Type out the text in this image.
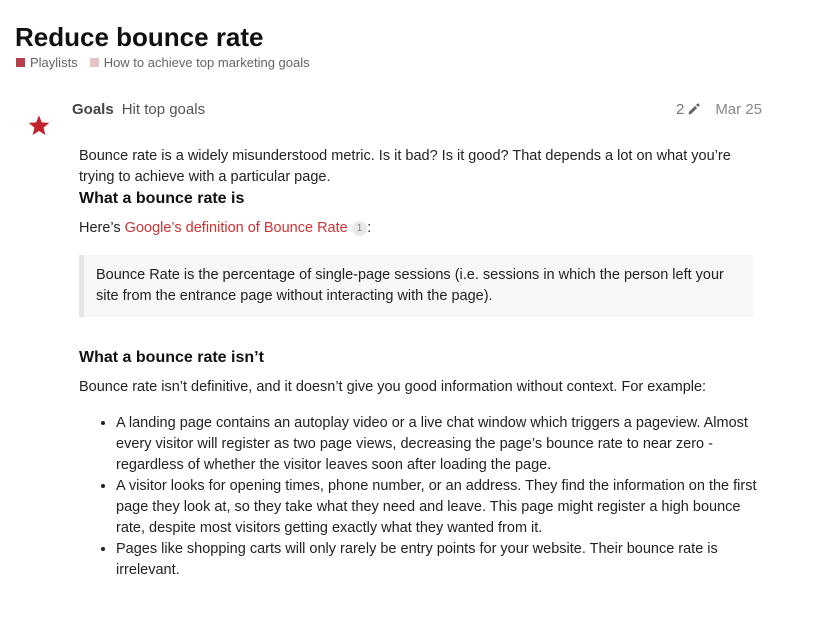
Reduce bounce rate
Playlists How to achieve top marketing goals
Goals Hit top goals	2 Mar 25

Bounce rate is a widely misunderstood metric. Is it bad? Is it good? That depends a lot on what you’re trying to achieve with a particular page.

What a bounce rate is

Here’s Google’s definition of Bounce Rate 1 :

Bounce Rate is the percentage of single-page sessions (i.e. sessions in which the person left your site from the entrance page without interacting with the page).
What a bounce rate isn’t

Bounce rate isn’t definitive, and it doesn’t give you good information without context. For example:

• A landing page contains an autoplay video or a live chat window which triggers a pageview. Almost every visitor will register as two page views, decreasing the page’s bounce rate to near zero - regardless of whether the visitor leaves soon after loading the page.
• A visitor looks for opening times, phone number, or an address. They find the information on the first page they look at, so they take what they need and leave. This page might register a high bounce rate, despite most visitors getting exactly what they wanted from it.
• Pages like shopping carts will only rarely be entry points for your website. Their bounce rate is irrelevant.
